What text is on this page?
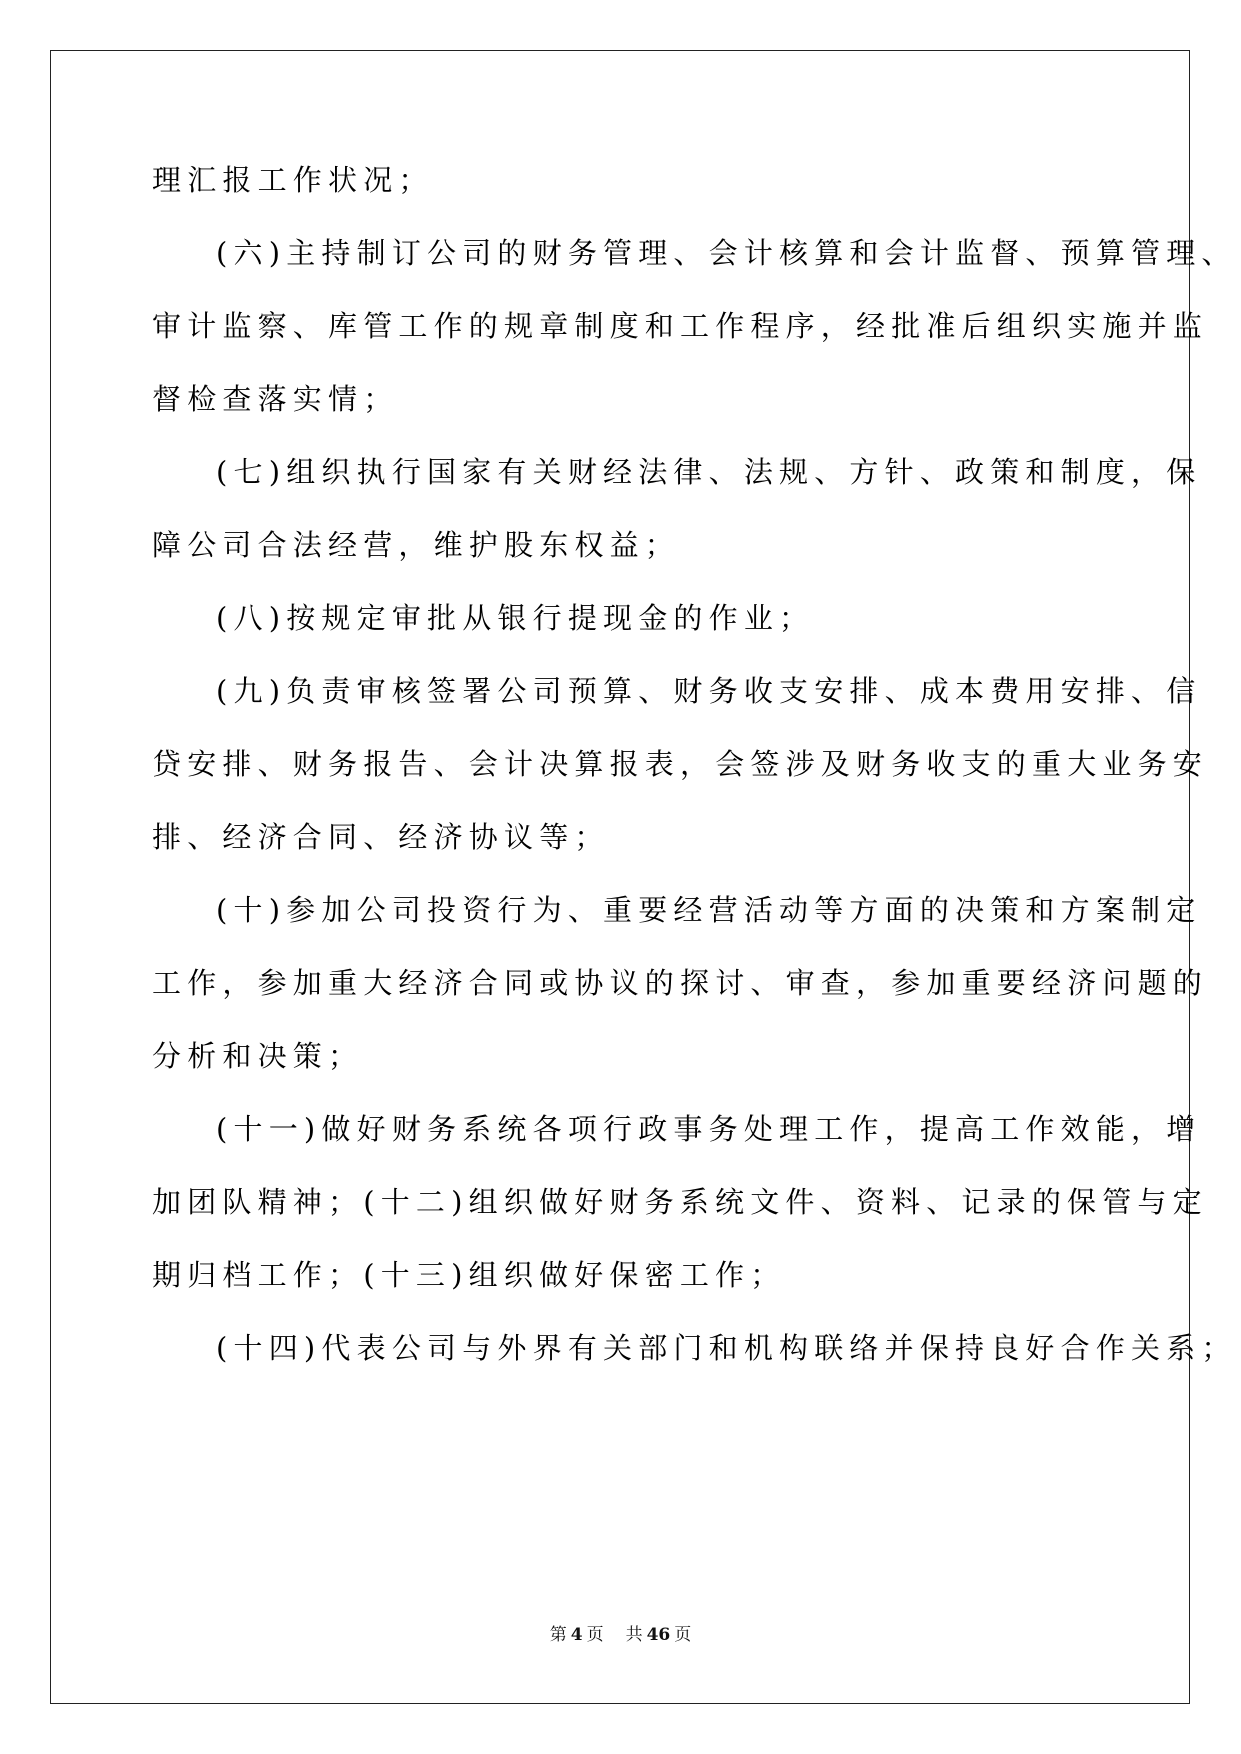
理汇报工作状况；
(六)主持制订公司的财务管理、会计核算和会计监督、预算管理、
审计监察、库管工作的规章制度和工作程序，经批准后组织实施并监
督检查落实情；
(七)组织执行国家有关财经法律、法规、方针、政策和制度，保
障公司合法经营，维护股东权益；
(八)按规定审批从银行提现金的作业；
(九)负责审核签署公司预算、财务收支安排、成本费用安排、信
贷安排、财务报告、会计决算报表，会签涉及财务收支的重大业务安
排、经济合同、经济协议等；
(十)参加公司投资行为、重要经营活动等方面的决策和方案制定
工作，参加重大经济合同或协议的探讨、审查，参加重要经济问题的
分析和决策；
(十一)做好财务系统各项行政事务处理工作，提高工作效能，增
加团队精神；(十二)组织做好财务系统文件、资料、记录的保管与定
期归档工作；(十三)组织做好保密工作；
(十四)代表公司与外界有关部门和机构联络并保持良好合作关系；
第 4 页 共 46 页
